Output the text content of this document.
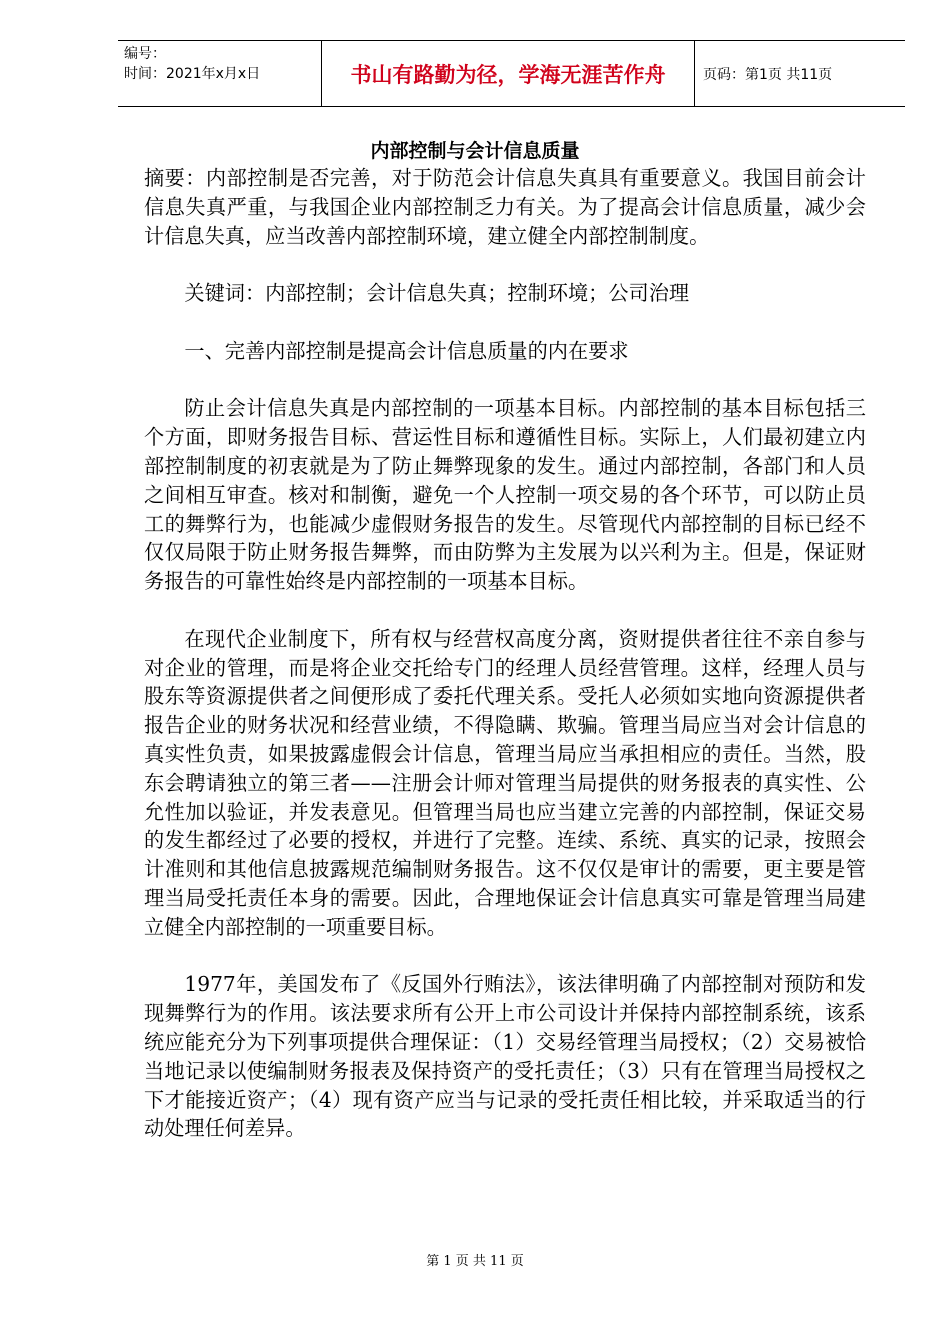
编号：
时间：2021年x月x日	书山有路勤为径，学海无涯苦作舟	页码：第1页 共11页
内部控制与会计信息质量

摘要：内部控制是否完善，对于防范会计信息失真具有重要意义。我国目前会计信息失真严重，与我国企业内部控制乏力有关。为了提高会计信息质量，减少会计信息失真，应当改善内部控制环境，建立健全内部控制制度。

关键词：内部控制；会计信息失真；控制环境；公司治理

一、完善内部控制是提高会计信息质量的内在要求

防止会计信息失真是内部控制的一项基本目标。内部控制的基本目标包括三个方面，即财务报告目标、营运性目标和遵循性目标。实际上，人们最初建立内部控制制度的初衷就是为了防止舞弊现象的发生。通过内部控制，各部门和人员之间相互审查。核对和制衡，避免一个人控制一项交易的各个环节，可以防止员工的舞弊行为，也能减少虚假财务报告的发生。尽管现代内部控制的目标已经不仅仅局限于防止财务报告舞弊，而由防弊为主发展为以兴利为主。但是，保证财务报告的可靠性始终是内部控制的一项基本目标。

在现代企业制度下，所有权与经营权高度分离，资财提供者往往不亲自参与对企业的管理，而是将企业交托给专门的经理人员经营管理。这样，经理人员与股东等资源提供者之间便形成了委托代理关系。受托人必须如实地向资源提供者报告企业的财务状况和经营业绩，不得隐瞒、欺骗。管理当局应当对会计信息的真实性负责，如果披露虚假会计信息，管理当局应当承担相应的责任。当然，股东会聘请独立的第三者——注册会计师对管理当局提供的财务报表的真实性、公允性加以验证，并发表意见。但管理当局也应当建立完善的内部控制，保证交易的发生都经过了必要的授权，并进行了完整。连续、系统、真实的记录，按照会计准则和其他信息披露规范编制财务报告。这不仅仅是审计的需要，更主要是管理当局受托责任本身的需要。因此，合理地保证会计信息真实可靠是管理当局建立健全内部控制的一项重要目标。

1977年，美国发布了《反国外行贿法》，该法律明确了内部控制对预防和发现舞弊行为的作用。该法要求所有公开上市公司设计并保持内部控制系统，该系统应能充分为下列事项提供合理保证：（1）交易经管理当局授权；（2）交易被恰当地记录以使编制财务报表及保持资产的受托责任；（3）只有在管理当局授权之下才能接近资产；（4）现有资产应当与记录的受托责任相比较，并采取适当的行动处理任何差异。

第 1 页 共 11 页
